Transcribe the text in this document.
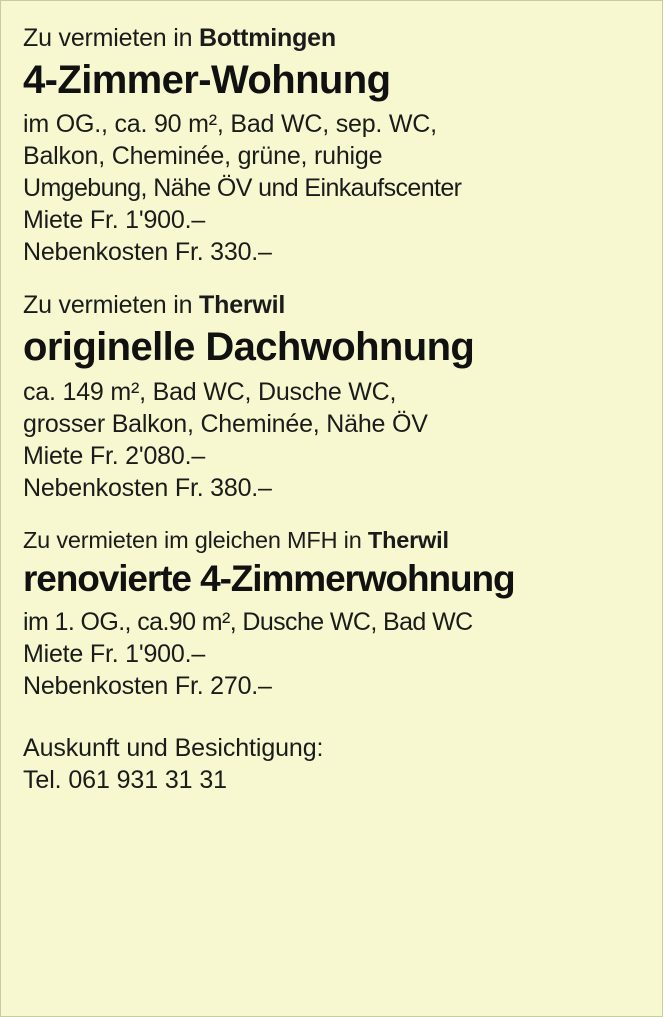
Zu vermieten in Bottmingen
4-Zimmer-Wohnung
im OG., ca. 90 m², Bad WC, sep. WC,
Balkon, Cheminée, grüne, ruhige
Umgebung, Nähe ÖV und Einkaufscenter
Miete Fr. 1'900.–
Nebenkosten Fr. 330.–
Zu vermieten in Therwil
originelle Dachwohnung
ca. 149 m², Bad WC, Dusche WC,
grosser Balkon, Cheminée, Nähe ÖV
Miete Fr. 2'080.–
Nebenkosten Fr. 380.–
Zu vermieten im gleichen MFH in Therwil
renovierte 4-Zimmerwohnung
im 1. OG., ca.90 m², Dusche WC, Bad WC
Miete Fr. 1'900.–
Nebenkosten Fr. 270.–
Auskunft und Besichtigung:
Tel. 061 931 31 31
